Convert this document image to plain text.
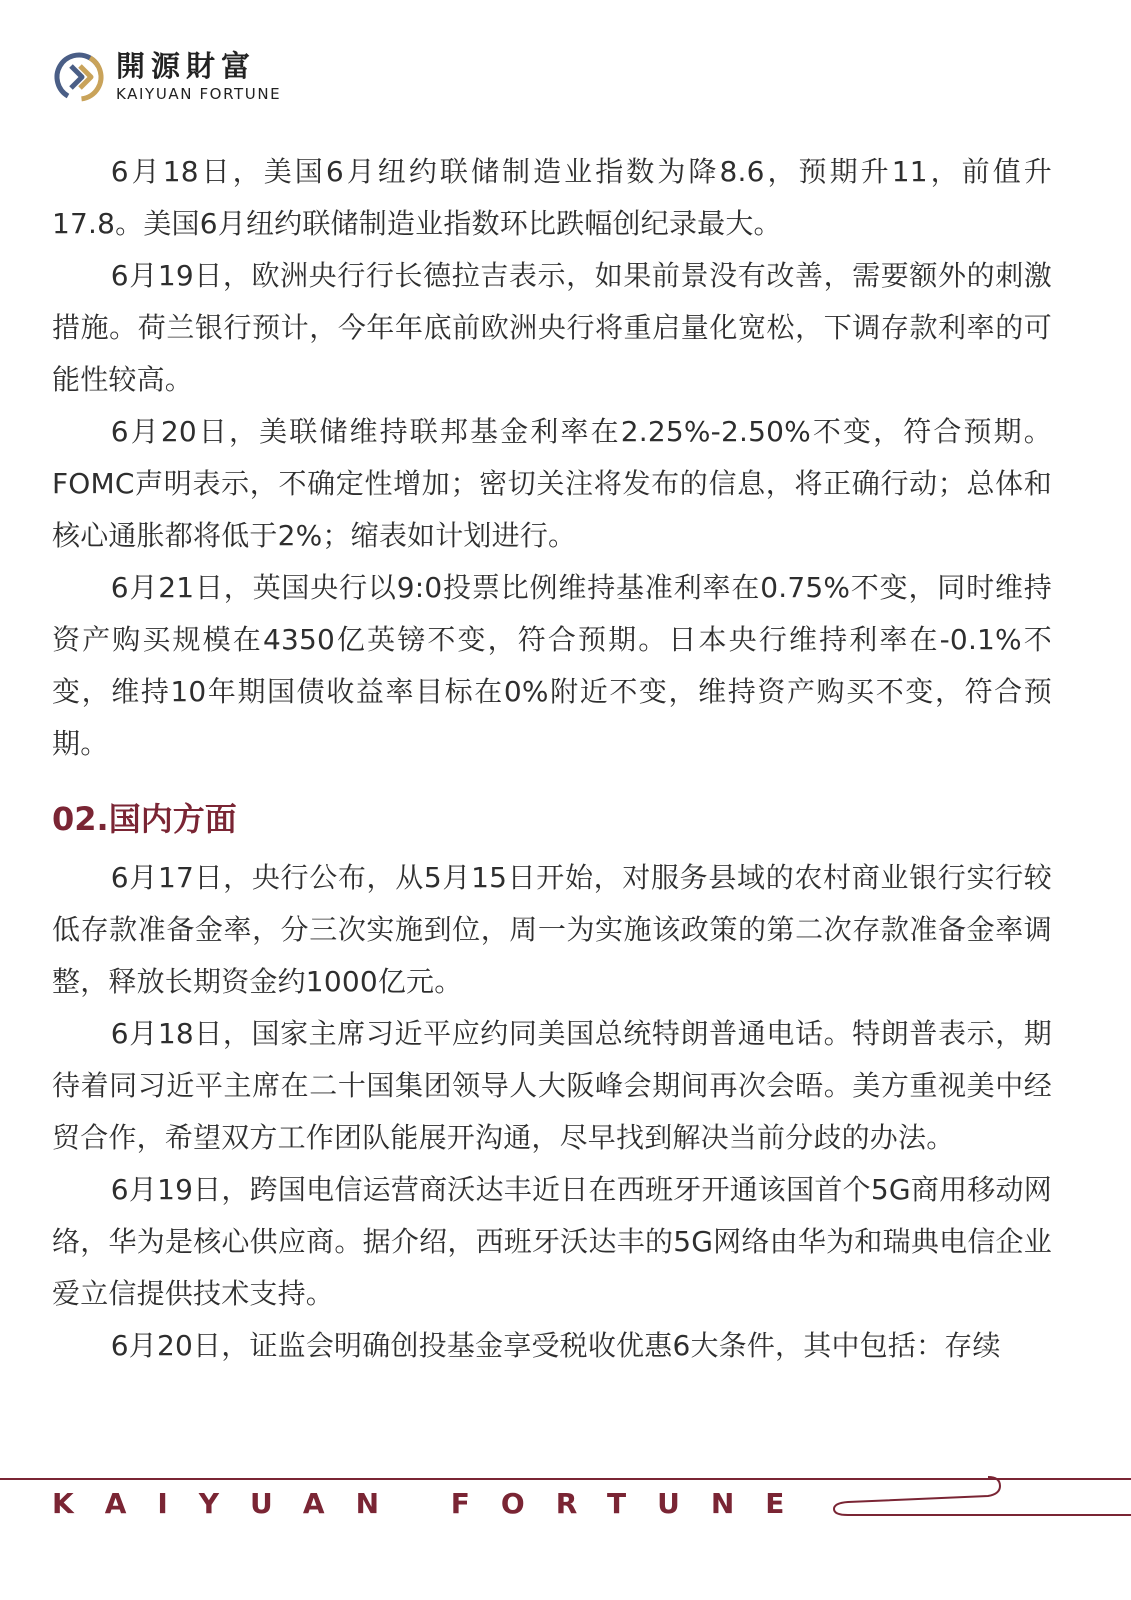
開源財富
KAIYUAN FORTUNE

6月18日，美国6月纽约联储制造业指数为降8.6，预期升11，前值升17.8。美国6月纽约联储制造业指数环比跌幅创纪录最大。

6月19日，欧洲央行行长德拉吉表示，如果前景没有改善，需要额外的刺激措施。荷兰银行预计，今年年底前欧洲央行将重启量化宽松，下调存款利率的可能性较高。

6月20日，美联储维持联邦基金利率在2.25%-2.50%不变，符合预期。FOMC声明表示，不确定性增加；密切关注将发布的信息，将正确行动；总体和核心通胀都将低于2%；缩表如计划进行。

6月21日，英国央行以9:0投票比例维持基准利率在0.75%不变，同时维持资产购买规模在4350亿英镑不变，符合预期。日本央行维持利率在-0.1%不变，维持10年期国债收益率目标在0%附近不变，维持资产购买不变，符合预期。

02.国内方面

6月17日，央行公布，从5月15日开始，对服务县域的农村商业银行实行较低存款准备金率，分三次实施到位，周一为实施该政策的第二次存款准备金率调整，释放长期资金约1000亿元。

6月18日，国家主席习近平应约同美国总统特朗普通电话。特朗普表示，期待着同习近平主席在二十国集团领导人大阪峰会期间再次会晤。美方重视美中经贸合作，希望双方工作团队能展开沟通，尽早找到解决当前分歧的办法。

6月19日，跨国电信运营商沃达丰近日在西班牙开通该国首个5G商用移动网络，华为是核心供应商。据介绍，西班牙沃达丰的5G网络由华为和瑞典电信企业爱立信提供技术支持。

6月20日，证监会明确创投基金享受税收优惠6大条件，其中包括：存续

KAIYUAN FORTUNE
